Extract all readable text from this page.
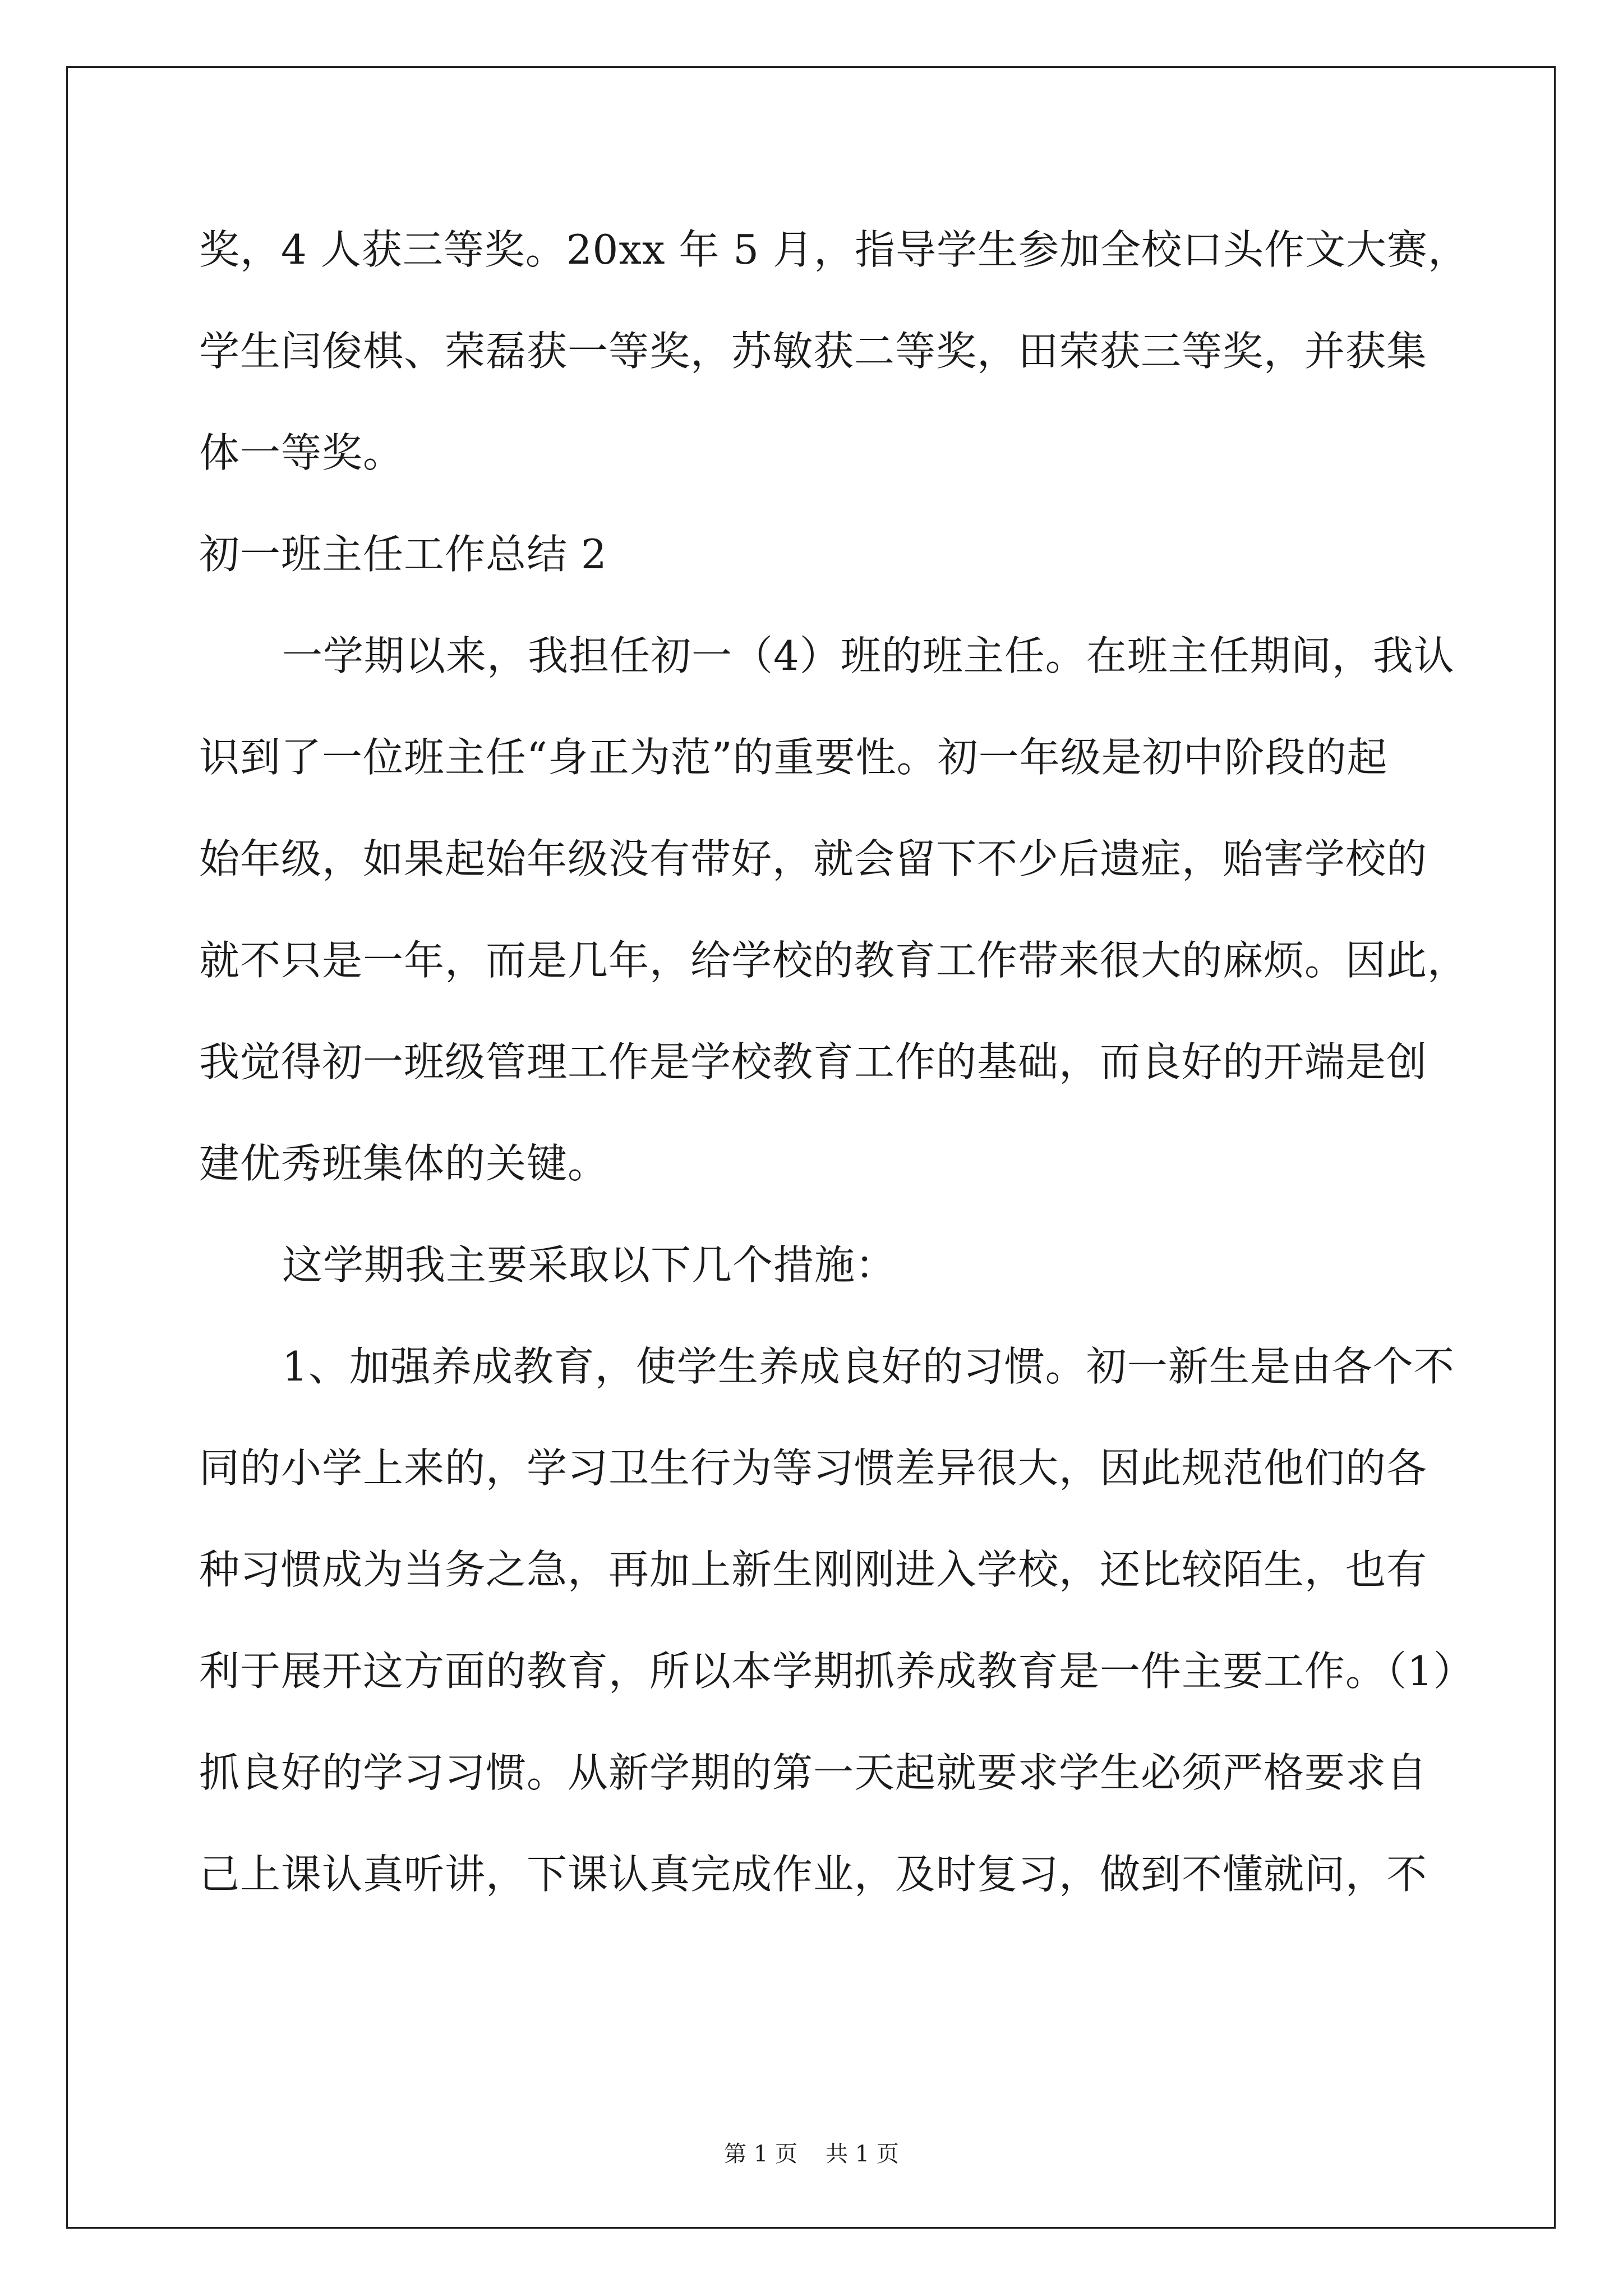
奖，4 人获三等奖。20xx 年 5 月，指导学生参加全校口头作文大赛，
学生闫俊棋、荣磊获一等奖，苏敏获二等奖，田荣获三等奖，并获集
体一等奖。
初一班主任工作总结 2
一学期以来，我担任初一（4）班的班主任。在班主任期间，我认
识到了一位班主任“身正为范”的重要性。初一年级是初中阶段的起
始年级，如果起始年级没有带好，就会留下不少后遗症，贻害学校的
就不只是一年，而是几年，给学校的教育工作带来很大的麻烦。因此，
我觉得初一班级管理工作是学校教育工作的基础，而良好的开端是创
建优秀班集体的关键。
这学期我主要采取以下几个措施：
1、加强养成教育，使学生养成良好的习惯。初一新生是由各个不
同的小学上来的，学习卫生行为等习惯差异很大，因此规范他们的各
种习惯成为当务之急，再加上新生刚刚进入学校，还比较陌生，也有
利于展开这方面的教育，所以本学期抓养成教育是一件主要工作。（1）
抓良好的学习习惯。从新学期的第一天起就要求学生必须严格要求自
己上课认真听讲，下课认真完成作业，及时复习，做到不懂就问，不
第 1 页 共 1 页
